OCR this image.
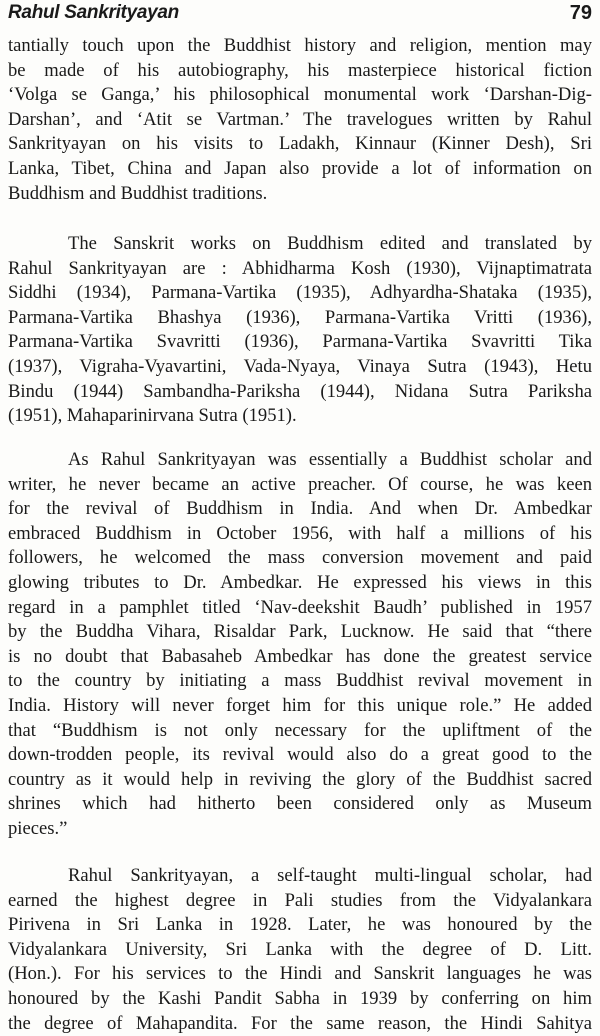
Rahul Sankrityayan	79
tantially touch upon the Buddhist history and religion, mention may
be made of his autobiography, his masterpiece historical fiction
‘Volga se Ganga,’ his philosophical monumental work ‘Darshan-Dig-
Darshan’, and ‘Atit se Vartman.’ The travelogues written by Rahul
Sankrityayan on his visits to Ladakh, Kinnaur (Kinner Desh), Sri
Lanka, Tibet, China and Japan also provide a lot of information on
Buddhism and Buddhist traditions.
The Sanskrit works on Buddhism edited and translated by
Rahul Sankrityayan are : Abhidharma Kosh (1930), Vijnaptimatrata
Siddhi (1934), Parmana-Vartika (1935), Adhyardha-Shataka (1935),
Parmana-Vartika Bhashya (1936), Parmana-Vartika Vritti (1936),
Parmana-Vartika Svavritti (1936), Parmana-Vartika Svavritti Tika
(1937), Vigraha-Vyavartini, Vada-Nyaya, Vinaya Sutra (1943), Hetu
Bindu (1944) Sambandha-Pariksha (1944), Nidana Sutra Pariksha
(1951), Mahaparinirvana Sutra (1951).
As Rahul Sankrityayan was essentially a Buddhist scholar and
writer, he never became an active preacher. Of course, he was keen
for the revival of Buddhism in India. And when Dr. Ambedkar
embraced Buddhism in October 1956, with half a millions of his
followers, he welcomed the mass conversion movement and paid
glowing tributes to Dr. Ambedkar. He expressed his views in this
regard in a pamphlet titled ‘Nav-deekshit Baudh’ published in 1957
by the Buddha Vihara, Risaldar Park, Lucknow. He said that “there
is no doubt that Babasaheb Ambedkar has done the greatest service
to the country by initiating a mass Buddhist revival movement in
India. History will never forget him for this unique role.” He added
that “Buddhism is not only necessary for the upliftment of the
down-trodden people, its revival would also do a great good to the
country as it would help in reviving the glory of the Buddhist sacred
shrines which had hitherto been considered only as Museum
pieces.”
Rahul Sankrityayan, a self-taught multi-lingual scholar, had
earned the highest degree in Pali studies from the Vidyalankara
Pirivena in Sri Lanka in 1928. Later, he was honoured by the
Vidyalankara University, Sri Lanka with the degree of D. Litt.
(Hon.). For his services to the Hindi and Sanskrit languages he was
honoured by the Kashi Pandit Sabha in 1939 by conferring on him
the degree of Mahapandita. For the same reason, the Hindi Sahitya
